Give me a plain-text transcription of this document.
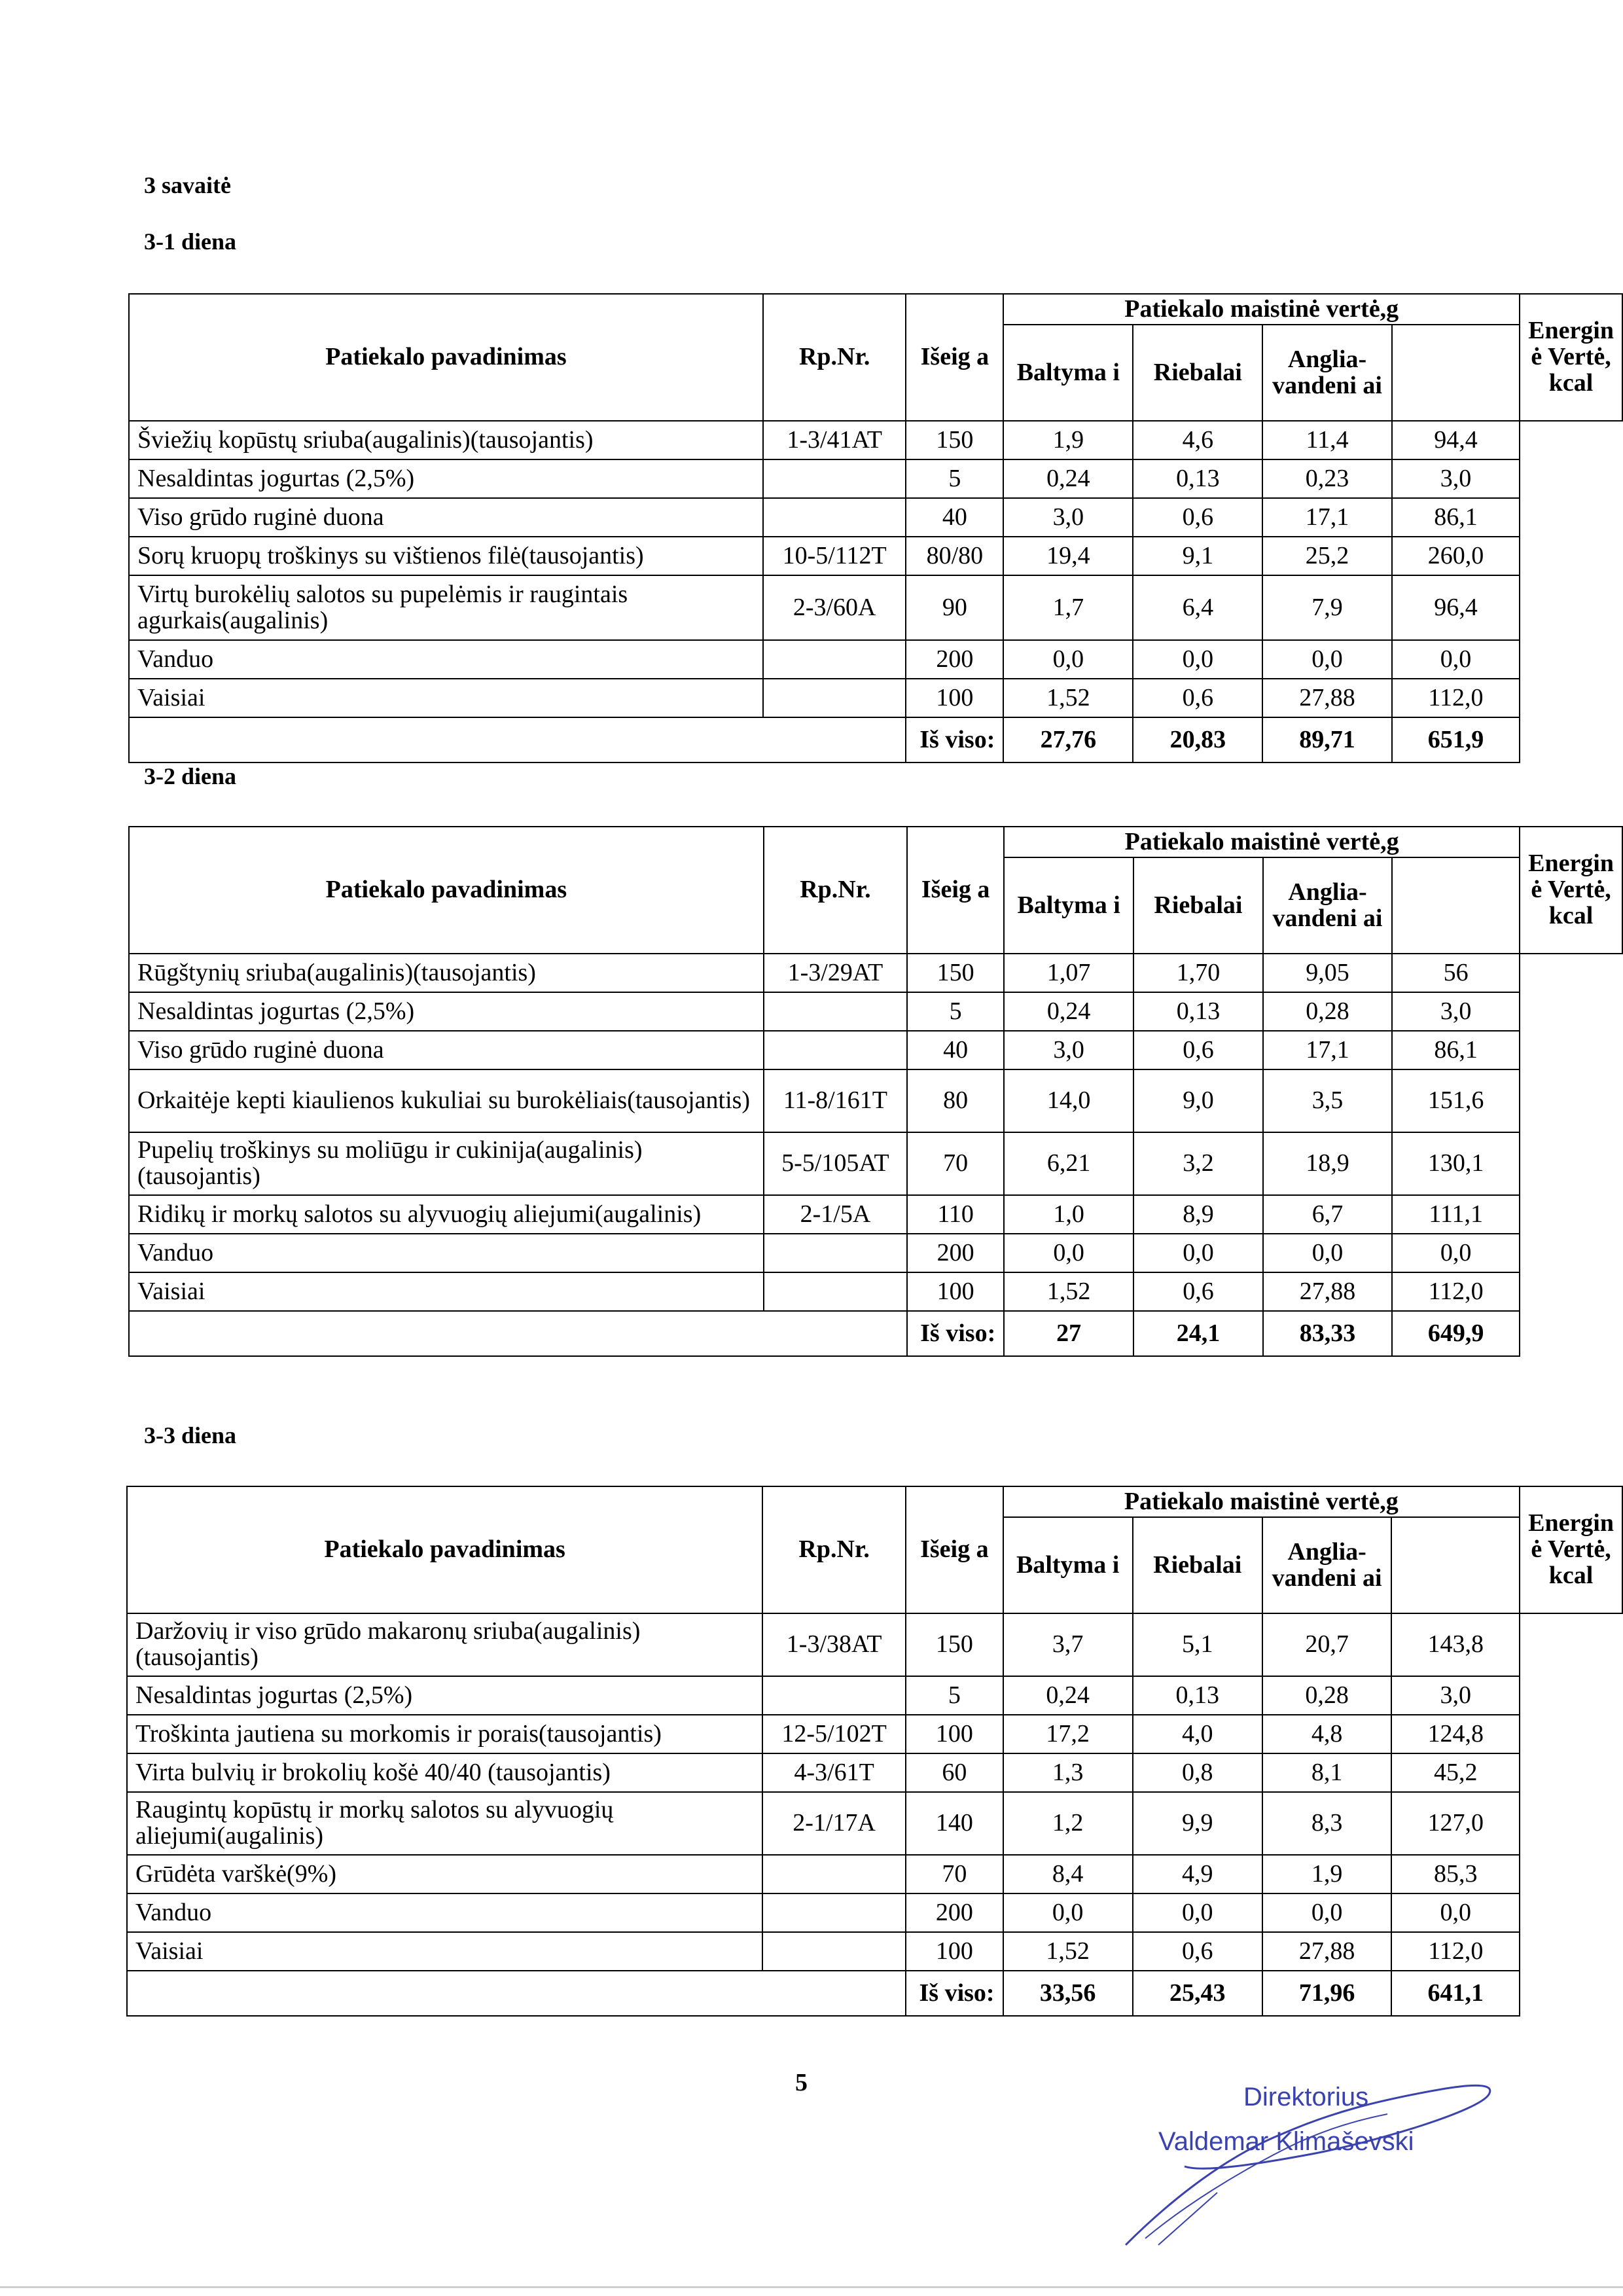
3 savaitė
3-1 diena
3-2 diena
3-3 diena
Patiekalo pavadinimas	Rp.Nr.	Išeig a	Patiekalo maistinė vertė,g				Energin ė Vertė, kcal
			Baltyma i	Riebalai	Anglia-vandeni ai		
Šviežių kopūstų sriuba(augalinis)(tausojantis)	1-3/41AT	150	1,9	4,6	11,4	94,4	
Nesaldintas jogurtas (2,5%)		5	0,24	0,13	0,23	3,0	
Viso grūdo ruginė duona		40	3,0	0,6	17,1	86,1	
Sorų kruopų troškinys su vištienos filė(tausojantis)	10-5/112T	80/80	19,4	9,1	25,2	260,0	
Virtų burokėlių salotos su pupelėmis ir raugintais agurkais(augalinis)	2-3/60A	90	1,7	6,4	7,9	96,4	
Vanduo		200	0,0	0,0	0,0	0,0	
Vaisiai		100	1,52	0,6	27,88	112,0	
		Iš viso:	27,76	20,83	89,71	651,9	
Patiekalo pavadinimas	Rp.Nr.	Išeig a	Patiekalo maistinė vertė,g				Energin ė Vertė, kcal
			Baltyma i	Riebalai	Anglia-vandeni ai		
Rūgštynių sriuba(augalinis)(tausojantis)	1-3/29AT	150	1,07	1,70	9,05	56	
Nesaldintas jogurtas (2,5%)		5	0,24	0,13	0,28	3,0	
Viso grūdo ruginė duona		40	3,0	0,6	17,1	86,1	
Orkaitėje kepti kiaulienos kukuliai su burokėliais(tausojantis)	11-8/161T	80	14,0	9,0	3,5	151,6	
Pupelių troškinys su moliūgu ir cukinija(augalinis)(tausojantis)	5-5/105AT	70	6,21	3,2	18,9	130,1	
Ridikų ir morkų salotos su alyvuogių aliejumi(augalinis)	2-1/5A	110	1,0	8,9	6,7	111,1	
Vanduo		200	0,0	0,0	0,0	0,0	
Vaisiai		100	1,52	0,6	27,88	112,0	
		Iš viso:	27	24,1	83,33	649,9	
Patiekalo pavadinimas	Rp.Nr.	Išeig a	Patiekalo maistinė vertė,g				Energin ė Vertė, kcal
			Baltyma i	Riebalai	Anglia-vandeni ai		
Daržovių ir viso grūdo makaronų sriuba(augalinis)(tausojantis)	1-3/38AT	150	3,7	5,1	20,7	143,8	
Nesaldintas jogurtas (2,5%)		5	0,24	0,13	0,28	3,0	
Troškinta jautiena su morkomis ir porais(tausojantis)	12-5/102T	100	17,2	4,0	4,8	124,8	
Virta bulvių ir brokolių košė 40/40 (tausojantis)	4-3/61T	60	1,3	0,8	8,1	45,2	
Raugintų kopūstų ir morkų salotos su alyvuogių aliejumi(augalinis)	2-1/17A	140	1,2	9,9	8,3	127,0	
Grūdėta varškė(9%)		70	8,4	4,9	1,9	85,3	
Vanduo		200	0,0	0,0	0,0	0,0	
Vaisiai		100	1,52	0,6	27,88	112,0	
		Iš viso:	33,56	25,43	71,96	641,1	
5	Direktorius
Valdemar Klimaševski
